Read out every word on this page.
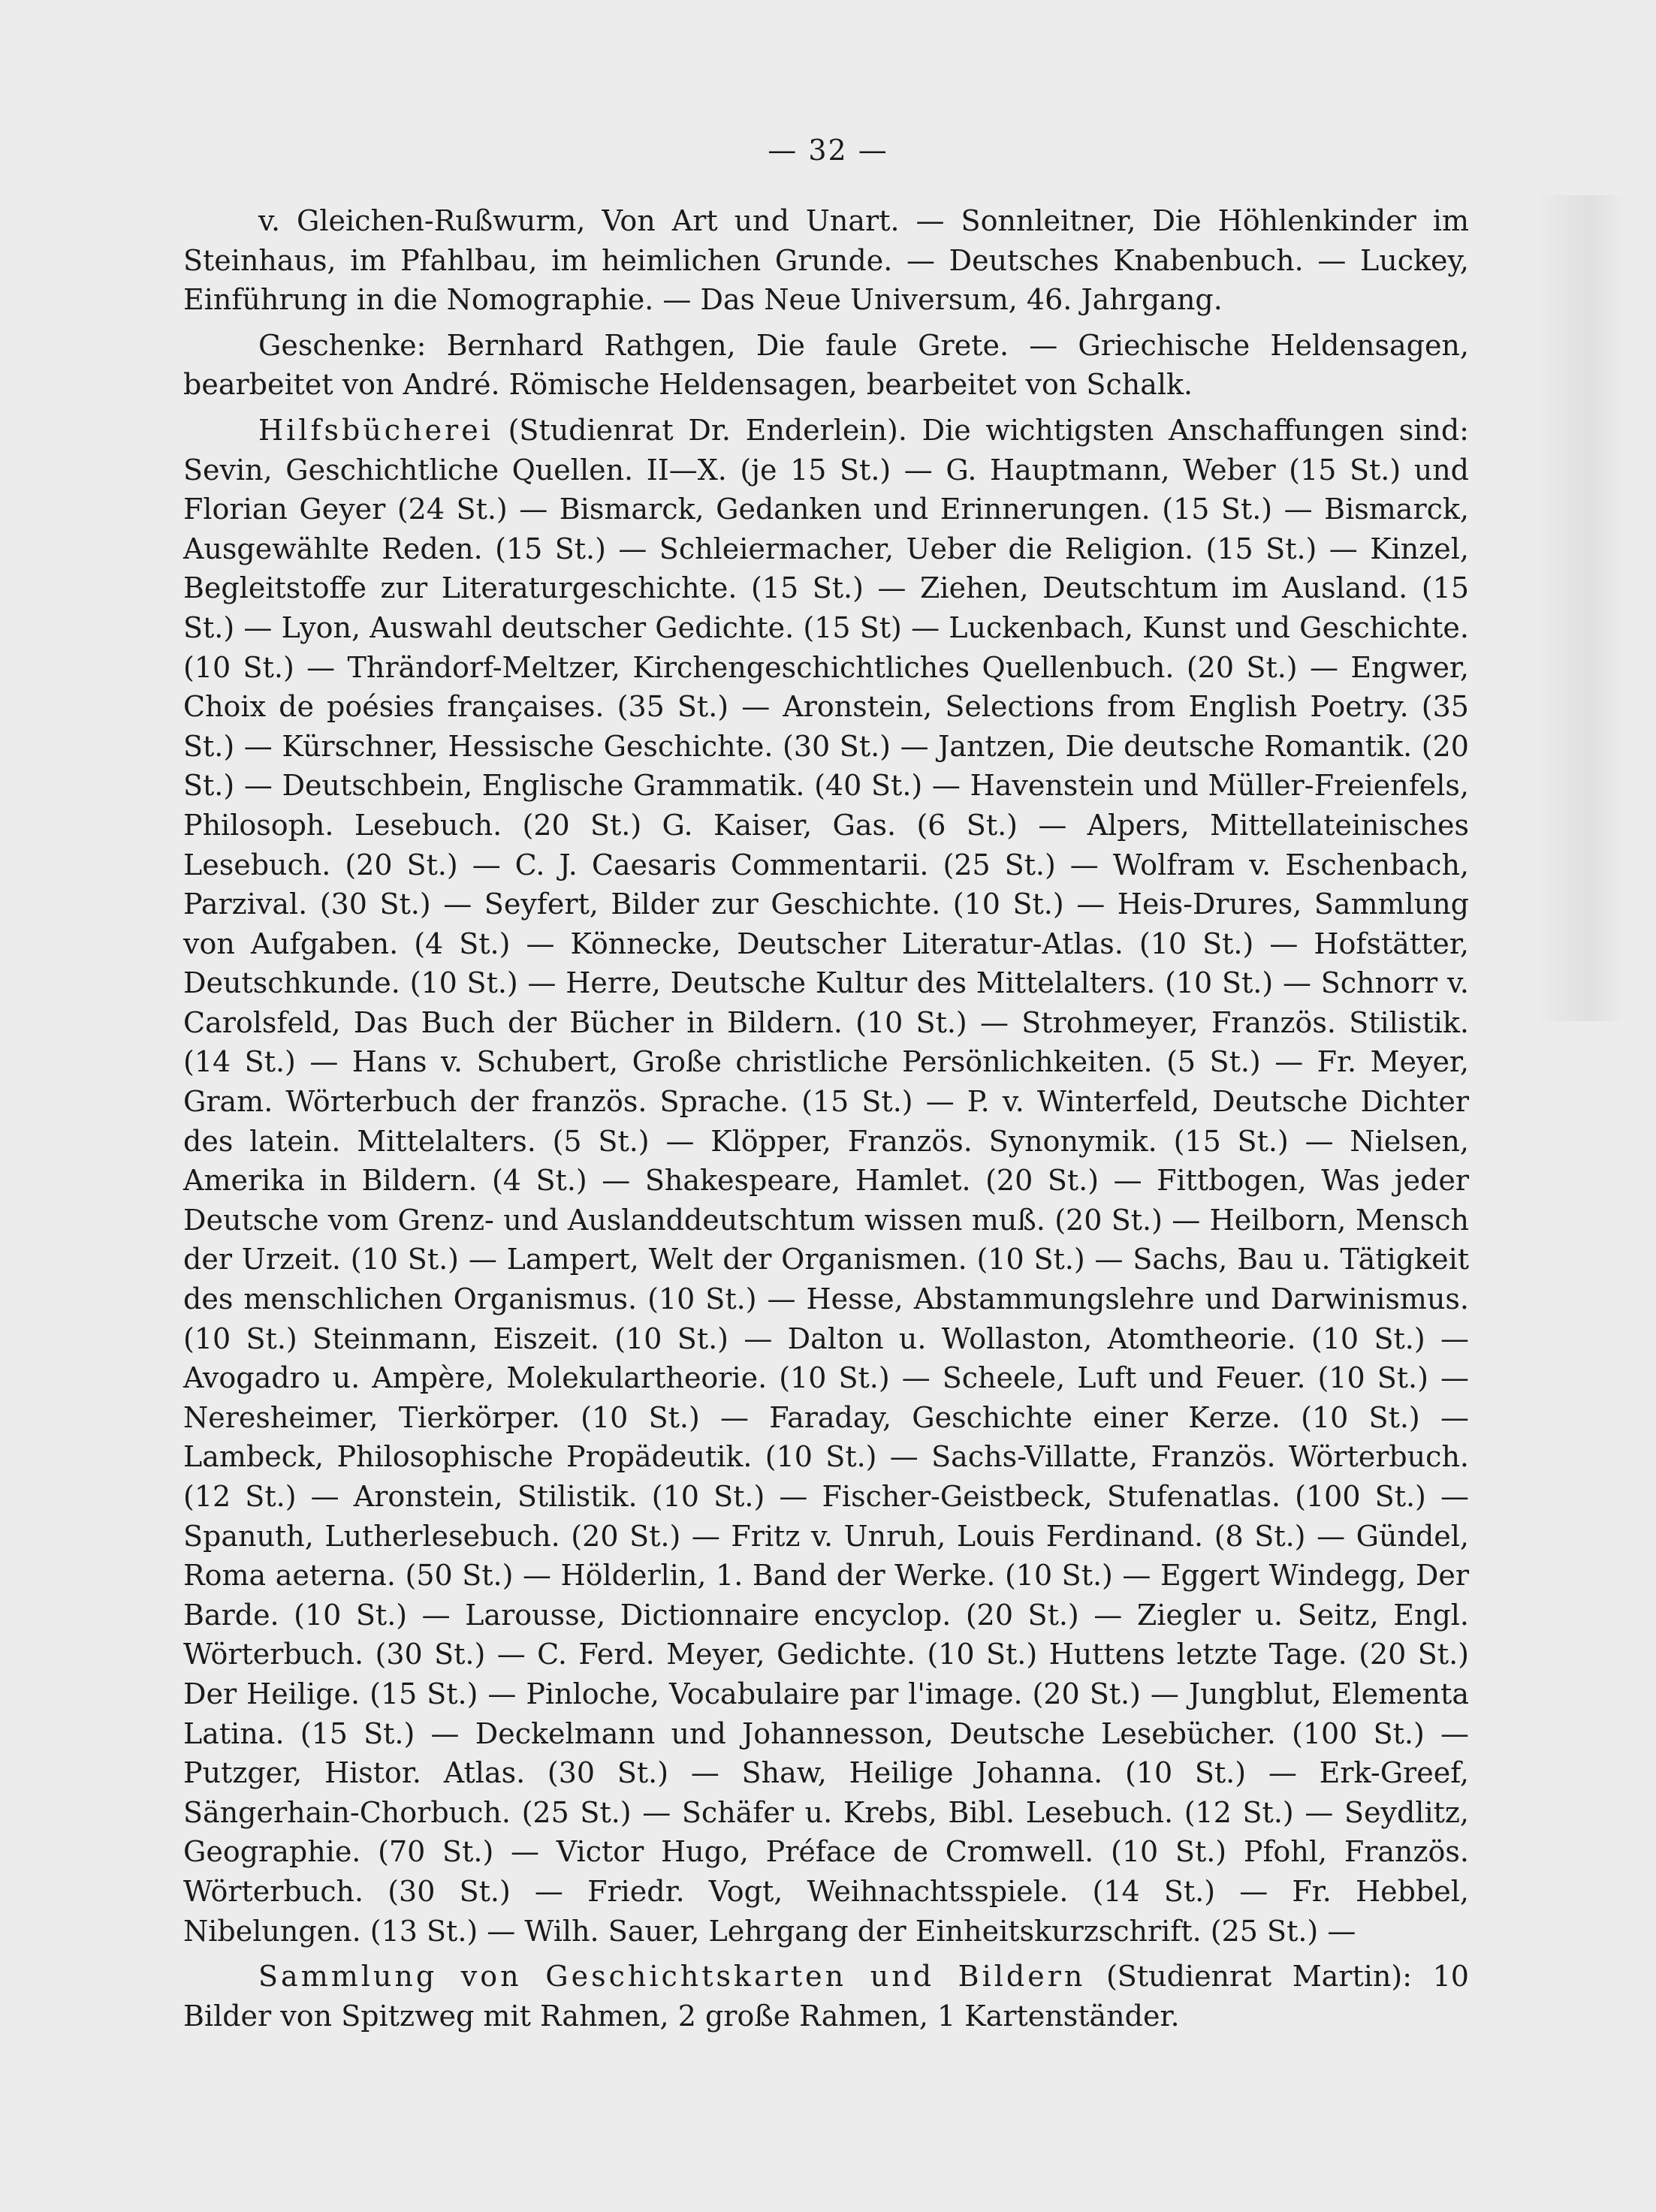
— 32 —

v. Gleichen-Rußwurm, Von Art und Unart. — Sonnleitner, Die Höhlenkinder im Steinhaus, im Pfahlbau, im heimlichen Grunde. — Deutsches Knabenbuch. — Luckey, Einführung in die Nomographie. — Das Neue Universum, 46. Jahrgang.

Geschenke: Bernhard Rathgen, Die faule Grete. — Griechische Heldensagen, bearbeitet von André. Römische Heldensagen, bearbeitet von Schalk.

Hilfsbücherei (Studienrat Dr. Enderlein). Die wichtigsten Anschaffungen sind: Sevin, Geschichtliche Quellen. II—X. (je 15 St.) — G. Hauptmann, Weber (15 St.) und Florian Geyer (24 St.) — Bismarck, Gedanken und Erinnerungen. (15 St.) — Bismarck, Ausgewählte Reden. (15 St.) — Schleiermacher, Ueber die Religion. (15 St.) — Kinzel, Begleitstoffe zur Literaturgeschichte. (15 St.) — Ziehen, Deutschtum im Ausland. (15 St.) — Lyon, Auswahl deutscher Gedichte. (15 St) — Luckenbach, Kunst und Geschichte. (10 St.) — Thrändorf-Meltzer, Kirchengeschichtliches Quellenbuch. (20 St.) — Engwer, Choix de poésies françaises. (35 St.) — Aronstein, Selections from English Poetry. (35 St.) — Kürschner, Hessische Geschichte. (30 St.) — Jantzen, Die deutsche Romantik. (20 St.) — Deutschbein, Englische Grammatik. (40 St.) — Havenstein und Müller-Freienfels, Philosoph. Lesebuch. (20 St.) G. Kaiser, Gas. (6 St.) — Alpers, Mittellateinisches Lesebuch. (20 St.) — C. J. Caesaris Commentarii. (25 St.) — Wolfram v. Eschenbach, Parzival. (30 St.) — Seyfert, Bilder zur Geschichte. (10 St.) — Heis-Drures, Sammlung von Aufgaben. (4 St.) — Könnecke, Deutscher Literatur-Atlas. (10 St.) — Hofstätter, Deutschkunde. (10 St.) — Herre, Deutsche Kultur des Mittelalters. (10 St.) — Schnorr v. Carolsfeld, Das Buch der Bücher in Bildern. (10 St.) — Strohmeyer, Französ. Stilistik. (14 St.) — Hans v. Schubert, Große christliche Persönlichkeiten. (5 St.) — Fr. Meyer, Gram. Wörterbuch der französ. Sprache. (15 St.) — P. v. Winterfeld, Deutsche Dichter des latein. Mittelalters. (5 St.) — Klöpper, Französ. Synonymik. (15 St.) — Nielsen, Amerika in Bildern. (4 St.) — Shakespeare, Hamlet. (20 St.) — Fittbogen, Was jeder Deutsche vom Grenz- und Auslanddeutschtum wissen muß. (20 St.) — Heilborn, Mensch der Urzeit. (10 St.) — Lampert, Welt der Organismen. (10 St.) — Sachs, Bau u. Tätigkeit des menschlichen Organismus. (10 St.) — Hesse, Abstammungslehre und Darwinismus. (10 St.) Steinmann, Eiszeit. (10 St.) — Dalton u. Wollaston, Atomtheorie. (10 St.) — Avogadro u. Ampère, Molekulartheorie. (10 St.) — Scheele, Luft und Feuer. (10 St.) — Neresheimer, Tierkörper. (10 St.) — Faraday, Geschichte einer Kerze. (10 St.) — Lambeck, Philosophische Propädeutik. (10 St.) — Sachs-Villatte, Französ. Wörterbuch. (12 St.) — Aronstein, Stilistik. (10 St.) — Fischer-Geistbeck, Stufenatlas. (100 St.) — Spanuth, Lutherlesebuch. (20 St.) — Fritz v. Unruh, Louis Ferdinand. (8 St.) — Gündel, Roma aeterna. (50 St.) — Hölderlin, 1. Band der Werke. (10 St.) — Eggert Windegg, Der Barde. (10 St.) — Larousse, Dictionnaire encyclop. (20 St.) — Ziegler u. Seitz, Engl. Wörterbuch. (30 St.) — C. Ferd. Meyer, Gedichte. (10 St.) Huttens letzte Tage. (20 St.) Der Heilige. (15 St.) — Pinloche, Vocabulaire par l'image. (20 St.) — Jungblut, Elementa Latina. (15 St.) — Deckelmann und Johannesson, Deutsche Lesebücher. (100 St.) — Putzger, Histor. Atlas. (30 St.) — Shaw, Heilige Johanna. (10 St.) — Erk-Greef, Sängerhain-Chorbuch. (25 St.) — Schäfer u. Krebs, Bibl. Lesebuch. (12 St.) — Seydlitz, Geographie. (70 St.) — Victor Hugo, Préface de Cromwell. (10 St.) Pfohl, Französ. Wörterbuch. (30 St.) — Friedr. Vogt, Weihnachtsspiele. (14 St.) — Fr. Hebbel, Nibelungen. (13 St.) — Wilh. Sauer, Lehrgang der Einheitskurzschrift. (25 St.) —

Sammlung von Geschichtskarten und Bildern (Studienrat Martin): 10 Bilder von Spitzweg mit Rahmen, 2 große Rahmen, 1 Kartenständer.
